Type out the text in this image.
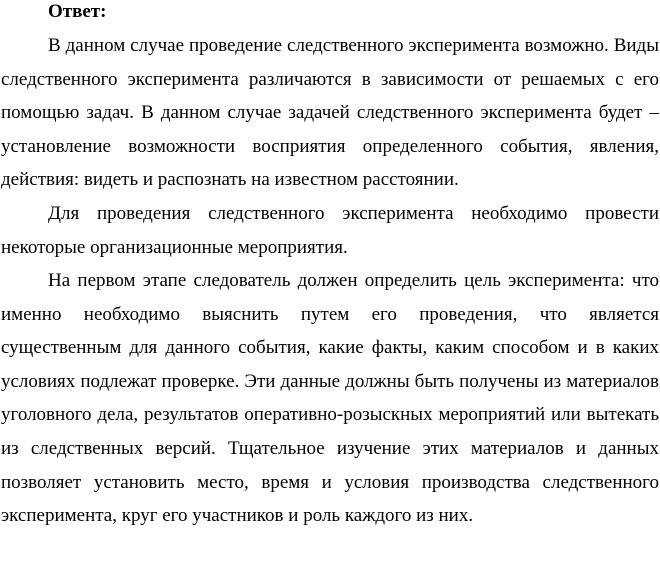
Ответ:

В данном случае проведение следственного эксперимента возможно. Виды следственного эксперимента различаются в зависимости от решаемых с его помощью задач. В данном случае задачей следственного эксперимента будет – установление возможности восприятия определенного события, явления, действия: видеть и распознать на известном расстоянии.

Для проведения следственного эксперимента необходимо провести некоторые организационные мероприятия.

На первом этапе следователь должен определить цель эксперимента: что именно необходимо выяснить путем его проведения, что является существенным для данного события, какие факты, каким способом и в каких условиях подлежат проверке. Эти данные должны быть получены из материалов уголовного дела, результатов оперативно-розыскных мероприятий или вытекать из следственных версий. Тщательное изучение этих материалов и данных позволяет установить место, время и условия производства следственного эксперимента, круг его участников и роль каждого из них.
